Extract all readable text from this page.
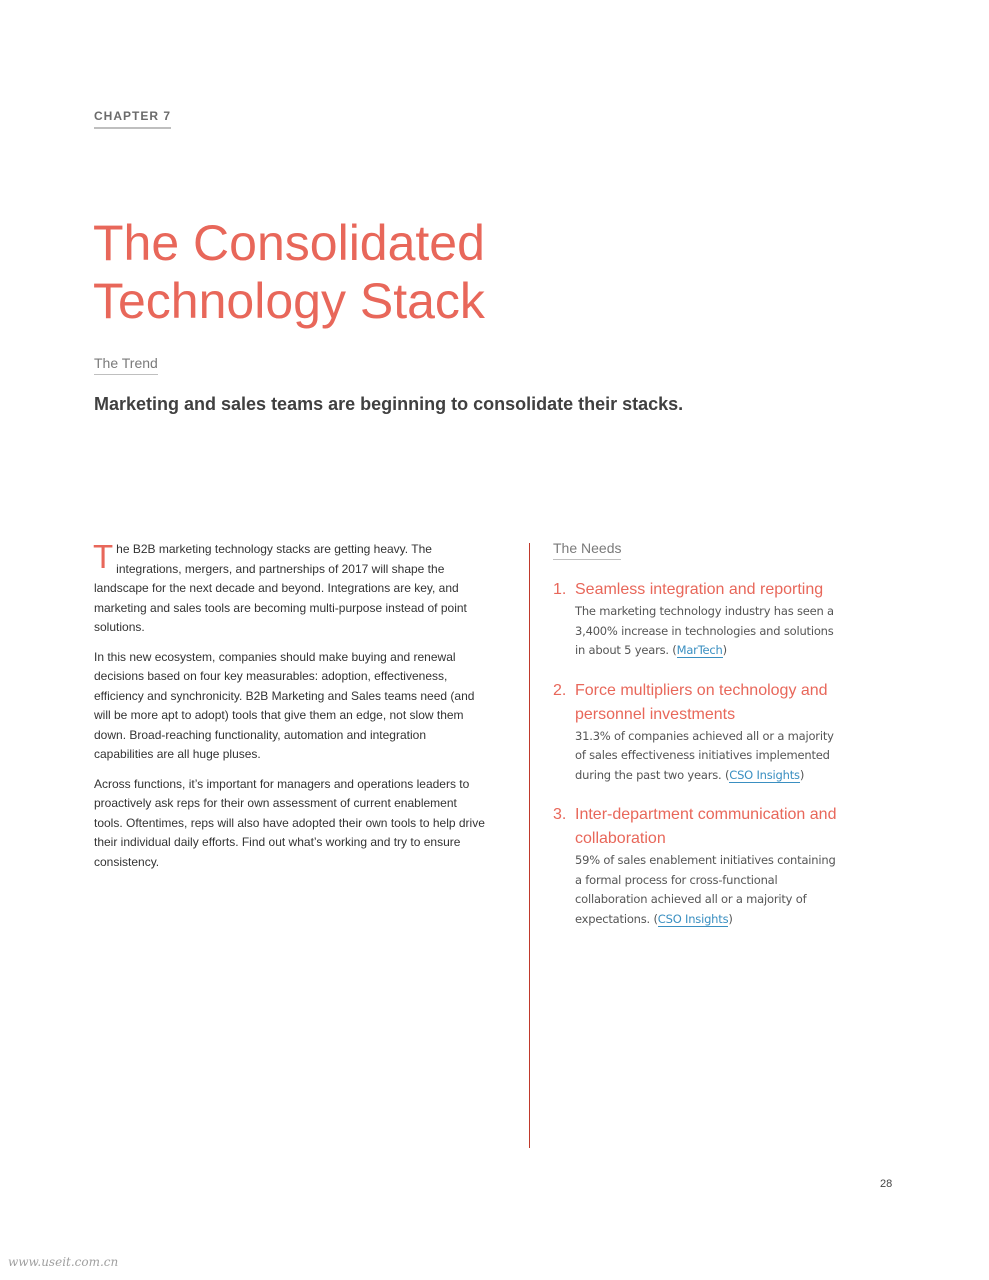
CHAPTER 7
The Consolidated
Technology Stack
The Trend
Marketing and sales teams are beginning to consolidate their stacks.

The B2B marketing technology stacks are getting heavy. The integrations, mergers, and partnerships of 2017 will shape the landscape for the next decade and beyond. Integrations are key, and marketing and sales tools are becoming multi-purpose instead of point solutions.

In this new ecosystem, companies should make buying and renewal decisions based on four key measurables: adoption, effectiveness, efficiency and synchronicity. B2B Marketing and Sales teams need (and will be more apt to adopt) tools that give them an edge, not slow them down. Broad-reaching functionality, automation and integration capabilities are all huge pluses.

Across functions, it’s important for managers and operations leaders to proactively ask reps for their own assessment of current enablement tools. Oftentimes, reps will also have adopted their own tools to help drive their individual daily efforts. Find out what’s working and try to ensure consistency.

The Needs
1. Seamless integration and reporting
The marketing technology industry has seen a 3,400% increase in technologies and solutions in about 5 years. (MarTech)
2. Force multipliers on technology and personnel investments
31.3% of companies achieved all or a majority of sales effectiveness initiatives implemented during the past two years. (CSO Insights)
3. Inter-department communication and collaboration
59% of sales enablement initiatives containing a formal process for cross-functional collaboration achieved all or a majority of expectations. (CSO Insights)
28
www.useit.com.cn
